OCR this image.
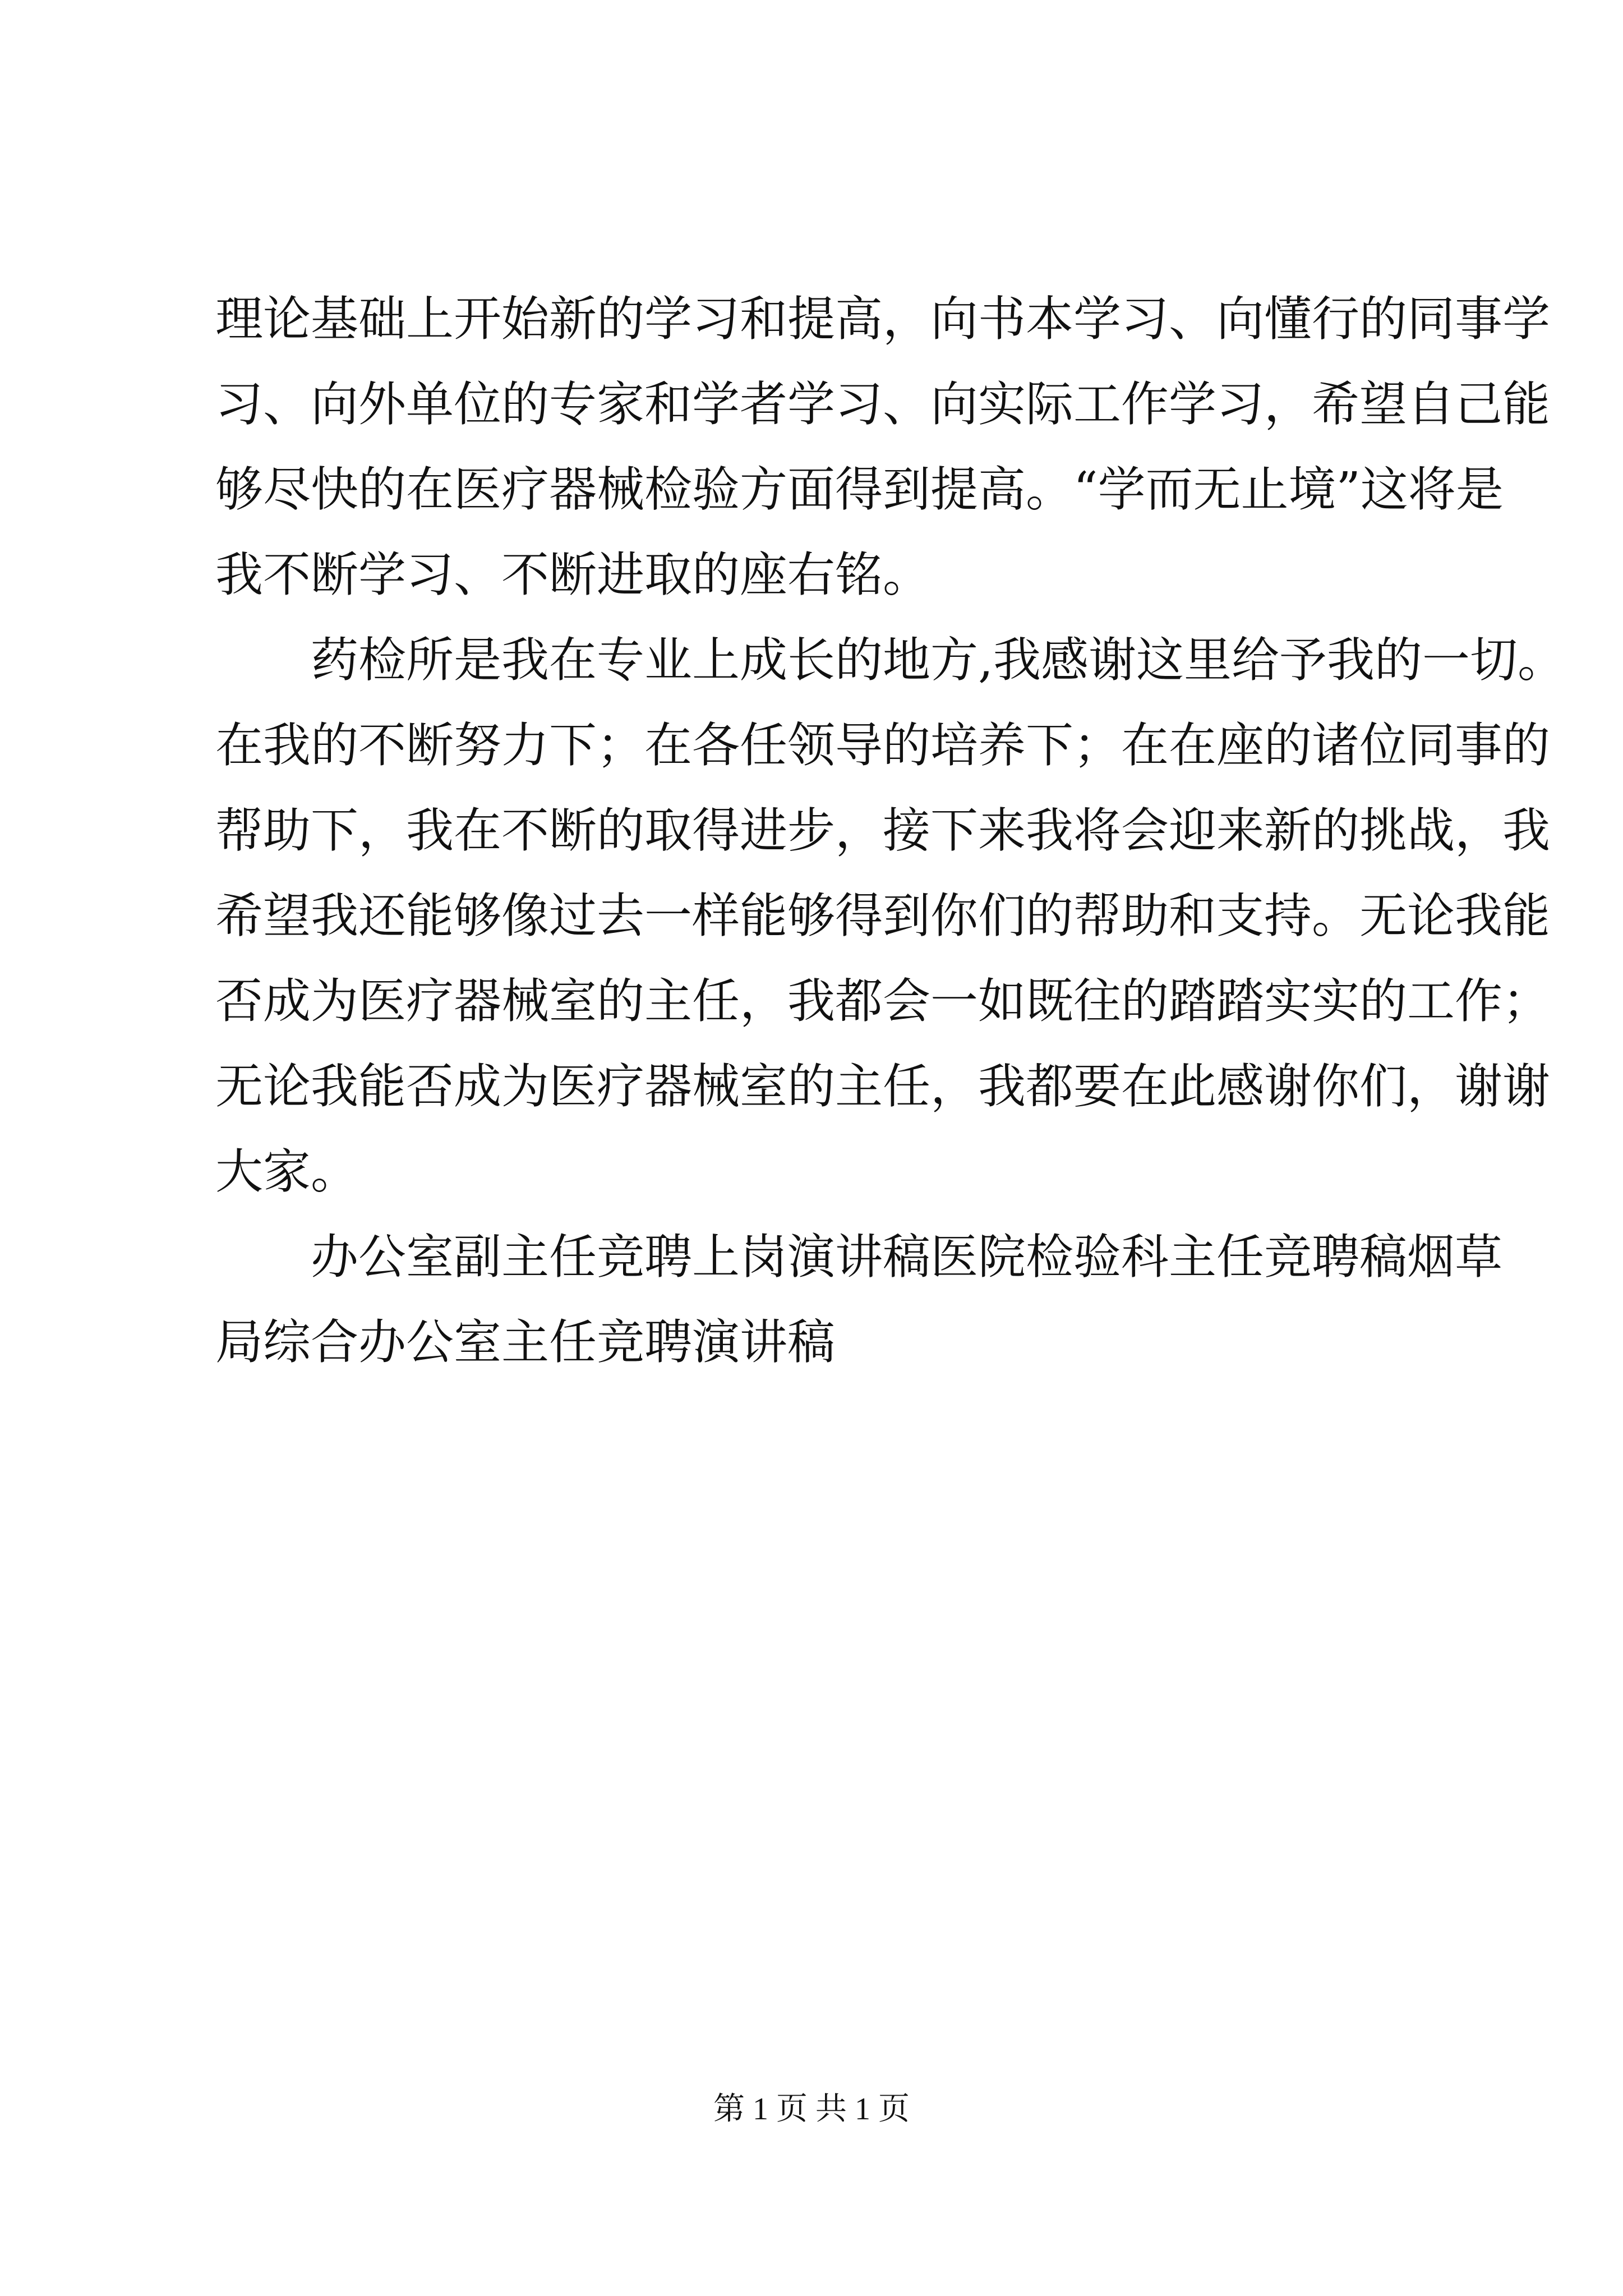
理论基础上开始新的学习和提高，向书本学习、向懂行的同事学
习、向外单位的专家和学者学习、向实际工作学习，希望自己能
够尽快的在医疗器械检验方面得到提高。“学而无止境”这将是
我不断学习、不断进取的座右铭。
药检所是我在专业上成长的地方,我感谢这里给予我的一切。
在我的不断努力下；在各任领导的培养下；在在座的诸位同事的
帮助下，我在不断的取得进步，接下来我将会迎来新的挑战，我
希望我还能够像过去一样能够得到你们的帮助和支持。无论我能
否成为医疗器械室的主任，我都会一如既往的踏踏实实的工作；
无论我能否成为医疗器械室的主任，我都要在此感谢你们，谢谢
大家。
办公室副主任竞聘上岗演讲稿医院检验科主任竞聘稿烟草
局综合办公室主任竞聘演讲稿
第 1 页 共 1 页
